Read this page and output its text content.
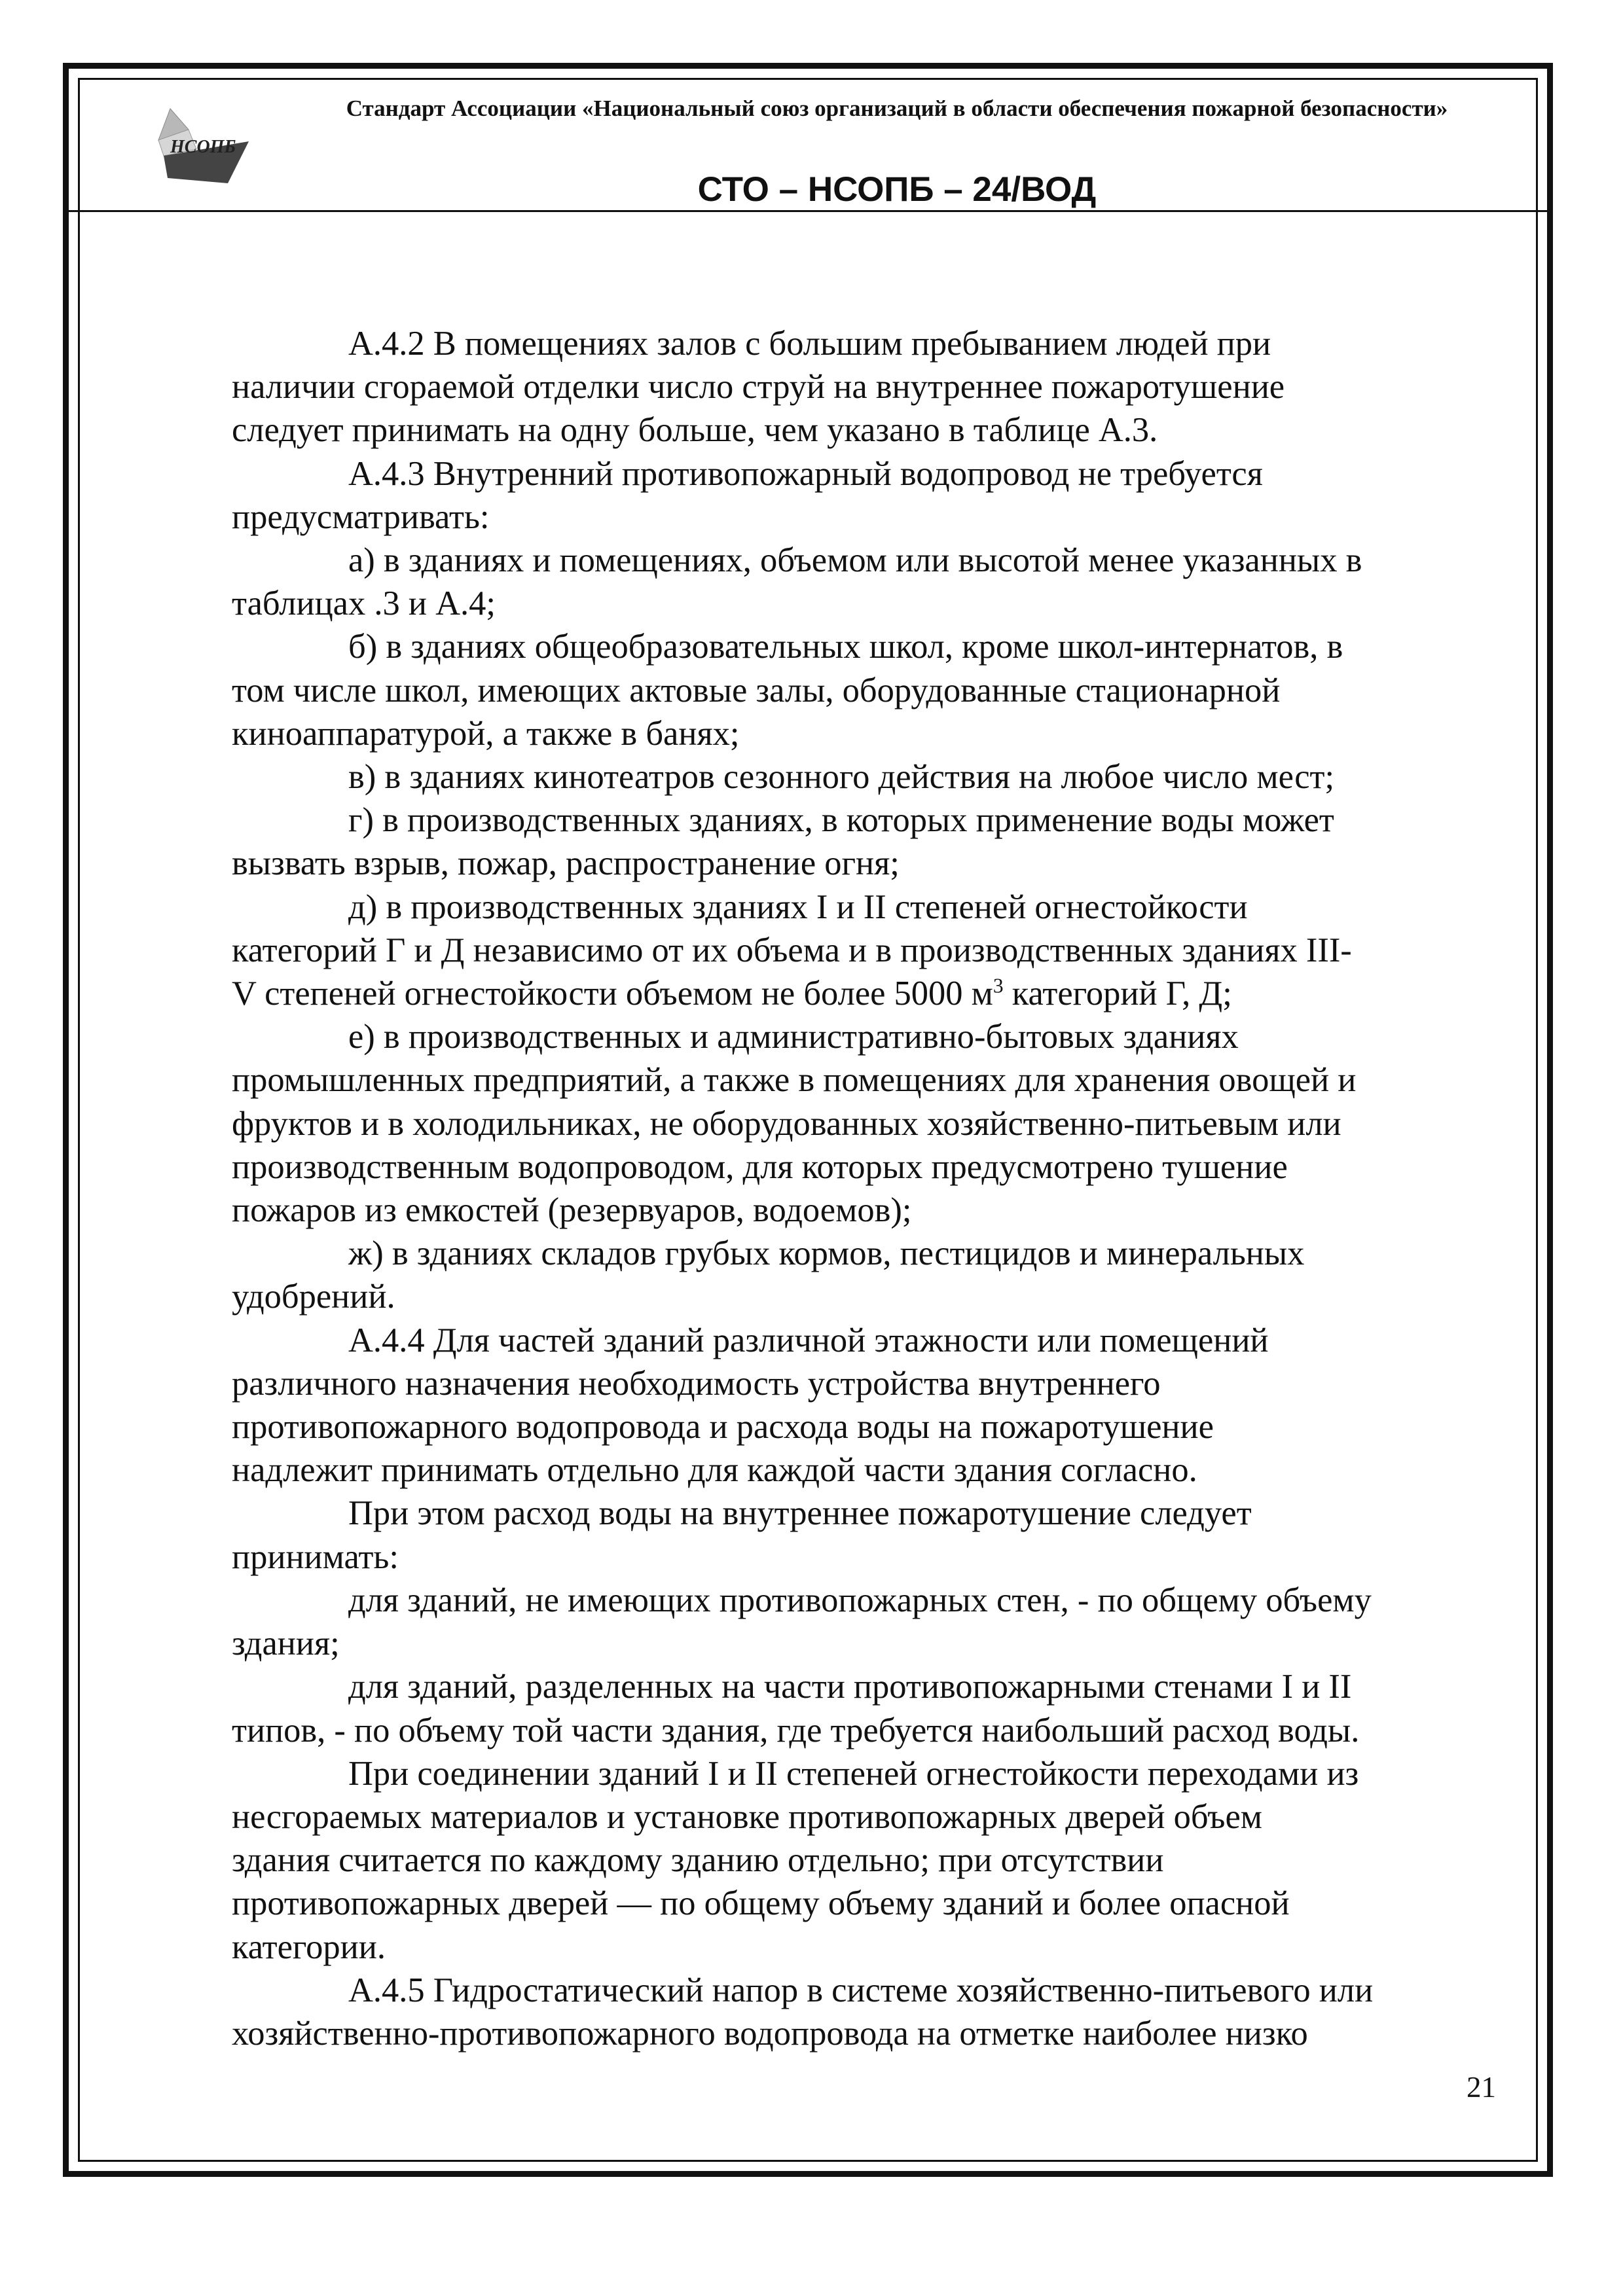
НСОПБ
Стандарт Ассоциации «Национальный союз организаций в области обеспечения пожарной безопасности»
СТО – НСОПБ – 24/ВОД

А.4.2 В помещениях залов с большим пребыванием людей при
наличии сгораемой отделки число струй на внутреннее пожаротушение
следует принимать на одну больше, чем указано в таблице А.3.

А.4.3 Внутренний противопожарный водопровод не требуется
предусматривать:

а) в зданиях и помещениях, объемом или высотой менее указанных в
таблицах .3 и А.4;

б) в зданиях общеобразовательных школ, кроме школ-интернатов, в
том числе школ, имеющих актовые залы, оборудованные стационарной
киноаппаратурой, а также в банях;

в) в зданиях кинотеатров сезонного действия на любое число мест;

г) в производственных зданиях, в которых применение воды может
вызвать взрыв, пожар, распространение огня;

д) в производственных зданиях I и II степеней огнестойкости
категорий Г и Д независимо от их объема и в производственных зданиях III-
V степеней огнестойкости объемом не более 5000 $м^3$ категорий Г, Д;

е) в производственных и административно-бытовых зданиях
промышленных предприятий, а также в помещениях для хранения овощей и
фруктов и в холодильниках, не оборудованных хозяйственно-питьевым или
производственным водопроводом, для которых предусмотрено тушение
пожаров из емкостей (резервуаров, водоемов);

ж) в зданиях складов грубых кормов, пестицидов и минеральных
удобрений.

А.4.4 Для частей зданий различной этажности или помещений
различного назначения необходимость устройства внутреннего
противопожарного водопровода и расхода воды на пожаротушение
надлежит принимать отдельно для каждой части здания согласно.

При этом расход воды на внутреннее пожаротушение следует
принимать:

для зданий, не имеющих противопожарных стен, - по общему объему
здания;

для зданий, разделенных на части противопожарными стенами I и II
типов, - по объему той части здания, где требуется наибольший расход воды.

При соединении зданий I и II степеней огнестойкости переходами из
несгораемых материалов и установке противопожарных дверей объем
здания считается по каждому зданию отдельно; при отсутствии
противопожарных дверей — по общему объему зданий и более опасной
категории.

А.4.5 Гидростатический напор в системе хозяйственно-питьевого или
хозяйственно-противопожарного водопровода на отметке наиболее низко

21
